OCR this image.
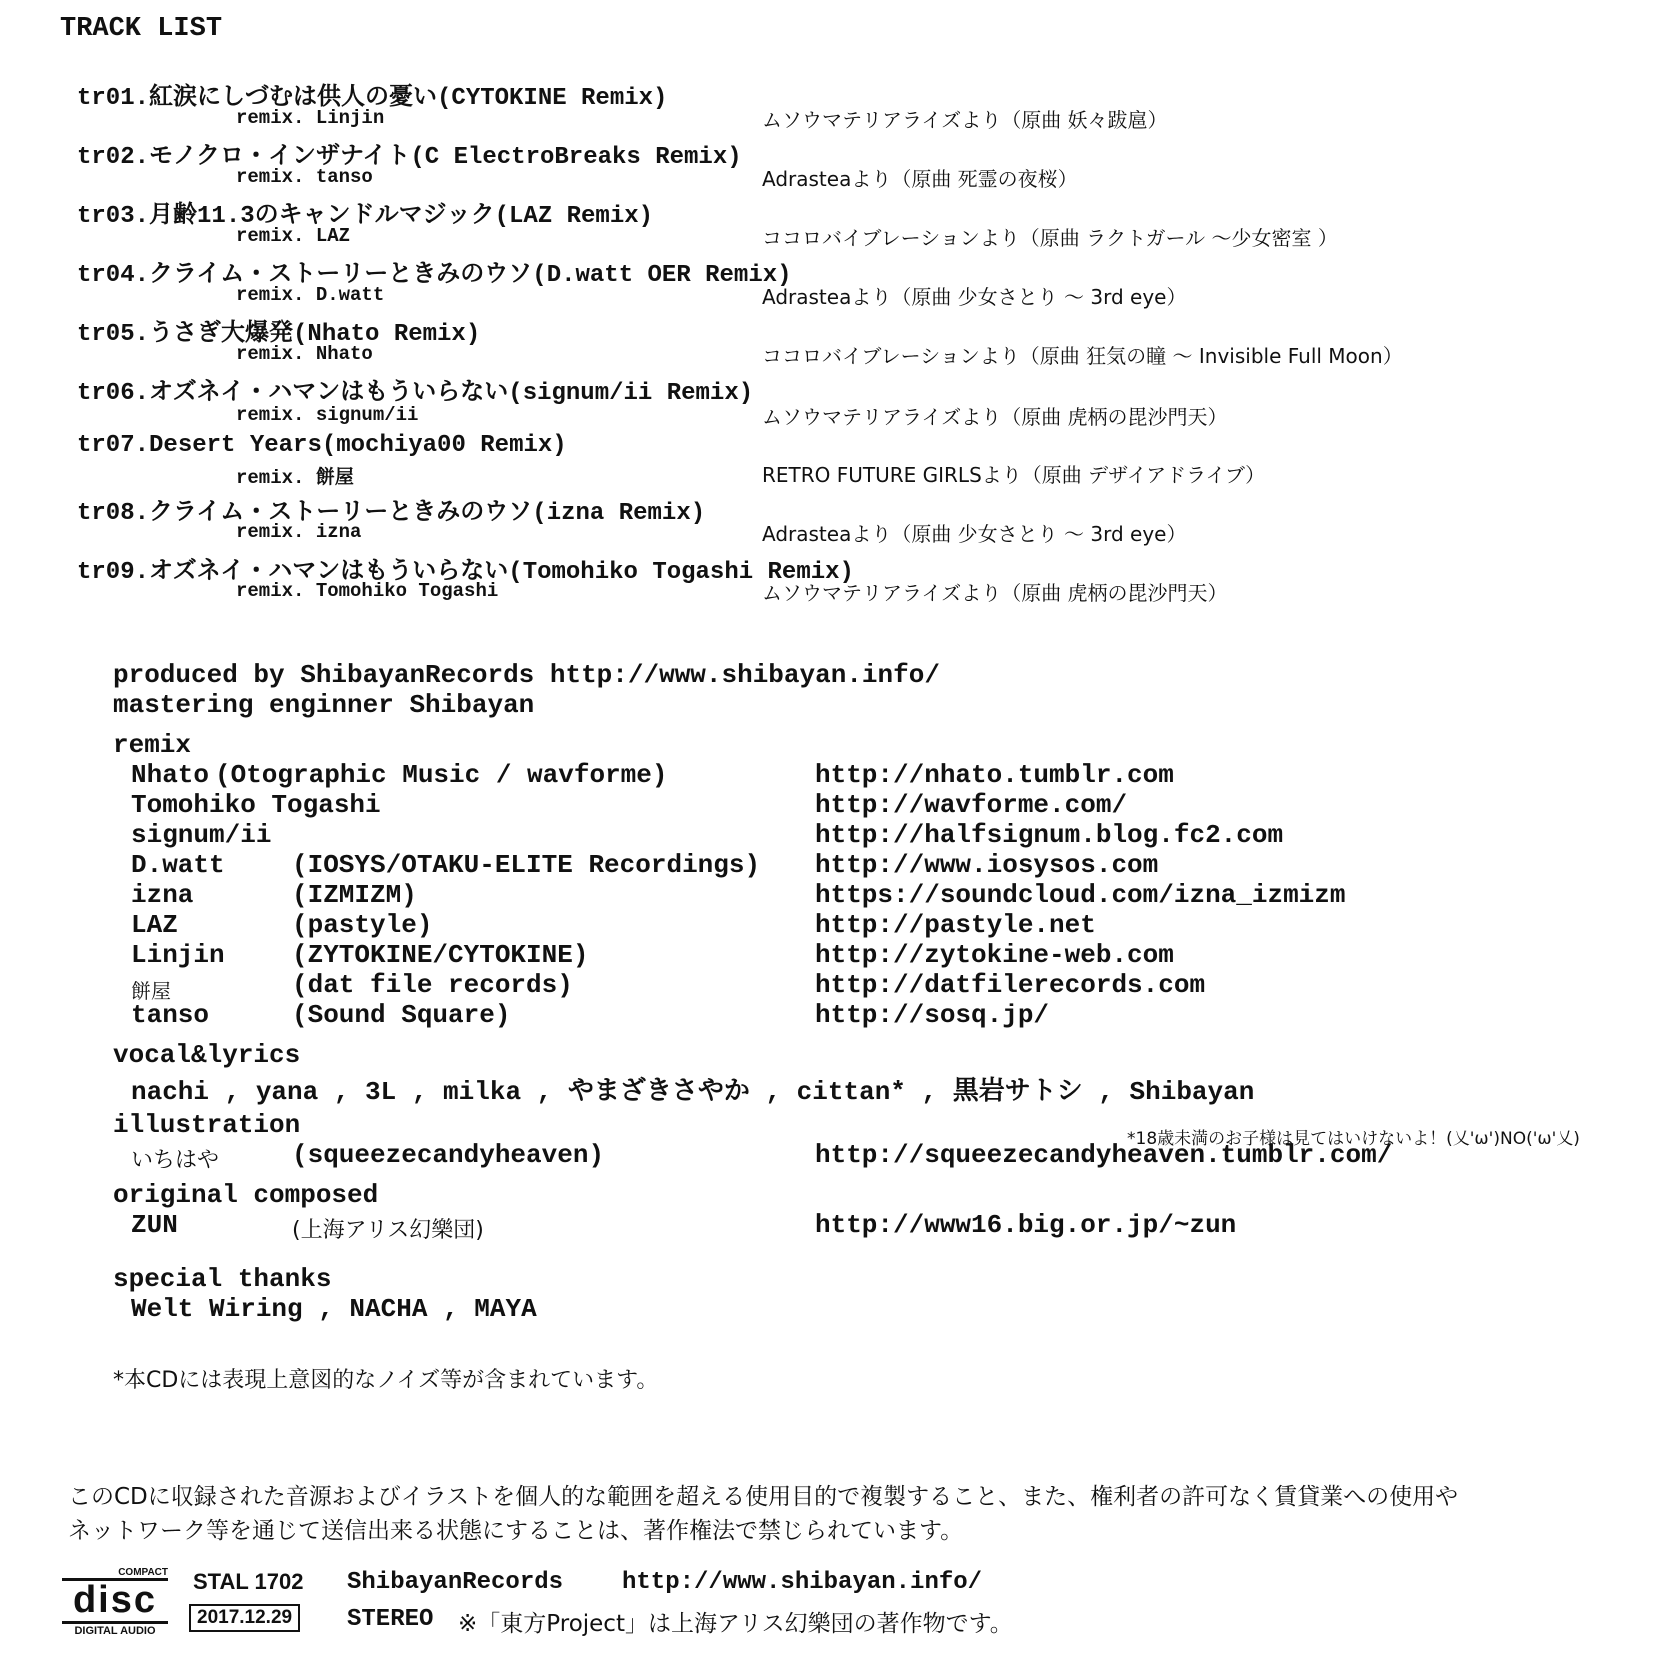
TRACK LIST
tr01.紅涙にしづむは供人の憂い(CYTOKINE Remix)
remix. Linjin	ムソウマテリアライズより（原曲 妖々跋扈）
tr02.モノクロ・インザナイト(C ElectroBreaks Remix)
remix. tanso	Adrasteaより（原曲 死霊の夜桜）
tr03.月齢11.3のキャンドルマジック(LAZ Remix)
remix. LAZ	ココロバイブレーションより（原曲 ラクトガール ～少女密室 ）
tr04.クライム・ストーリーときみのウソ(D.watt OER Remix)
remix. D.watt	Adrasteaより（原曲 少女さとり ～ 3rd eye）
tr05.うさぎ大爆発(Nhato Remix)
remix. Nhato	ココロバイブレーションより（原曲 狂気の瞳 ～ Invisible Full Moon）
tr06.オズネイ・ハマンはもういらない(signum/ii Remix)
remix. signum/ii	ムソウマテリアライズより（原曲 虎柄の毘沙門天）
tr07.Desert Years(mochiya00 Remix)
remix. 餅屋	RETRO FUTURE GIRLSより（原曲 デザイアドライブ）
tr08.クライム・ストーリーときみのウソ(izna Remix)
remix. izna	Adrasteaより（原曲 少女さとり ～ 3rd eye）
tr09.オズネイ・ハマンはもういらない(Tomohiko Togashi Remix)
remix. Tomohiko Togashi	ムソウマテリアライズより（原曲 虎柄の毘沙門天）
produced by ShibayanRecords http://www.shibayan.info/
mastering enginner Shibayan
remix
Nhato (Otographic Music / wavforme)	http://nhato.tumblr.com
Tomohiko Togashi	http://wavforme.com/
signum/ii	http://halfsignum.blog.fc2.com
D.watt	(IOSYS/OTAKU-ELITE Recordings) http://www.iosysos.com
izna	(IZMIZM)	https://soundcloud.com/izna_izmizm
LAZ	(pastyle)	http://pastyle.net
Linjin	(ZYTOKINE/CYTOKINE)	http://zytokine-web.com
餅屋	(dat file records)	http://datfilerecords.com
tanso	(Sound Square)	http://sosq.jp/
vocal&lyrics
nachi , yana , 3L , milka , やまざきさやか , cittan* , 黒岩サトシ , Shibayan
illustration	*18歳未満のお子様は見てはいけないよ！(乂'ω')NO('ω'乂)
いちはや	(squeezecandyheaven)	http://squeezecandyheaven.tumblr.com/
original composed
ZUN	(上海アリス幻樂団)	http://www16.big.or.jp/~zun
special thanks
Welt Wiring , NACHA , MAYA
*本CDには表現上意図的なノイズ等が含まれています。
このCDに収録された音源およびイラストを個人的な範囲を超える使用目的で複製すること、また、権利者の許可なく賃貸業への使用や
ネットワーク等を通じて送信出来る状態にすることは、著作権法で禁じられています。
COMPACT
disc
DIGITAL AUDIO
STAL 1702 ShibayanRecords http://www.shibayan.info/
2017.12.29	STEREO ※「東方Project」は上海アリス幻樂団の著作物です。
